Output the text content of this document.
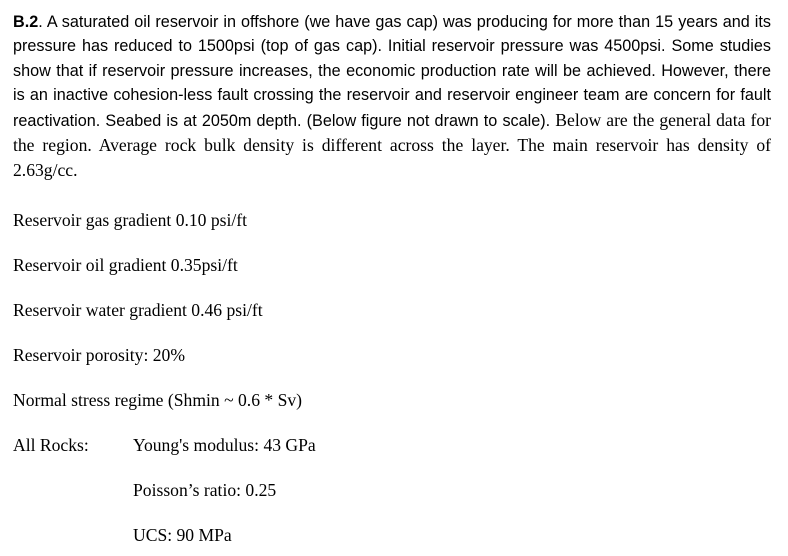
B.2. A saturated oil reservoir in offshore (we have gas cap) was producing for more than 15 years and its pressure has reduced to 1500psi (top of gas cap). Initial reservoir pressure was 4500psi. Some studies show that if reservoir pressure increases, the economic production rate will be achieved. However, there is an inactive cohesion-less fault crossing the reservoir and reservoir engineer team are concern for fault reactivation. Seabed is at 2050m depth. (Below figure not drawn to scale). Below are the general data for the region. Average rock bulk density is different across the layer. The main reservoir has density of 2.63g/cc.

Reservoir gas gradient 0.10 psi/ft

Reservoir oil gradient 0.35psi/ft

Reservoir water gradient 0.46 psi/ft

Reservoir porosity: 20%

Normal stress regime (Shmin ~ 0.6 * Sv)

All Rocks:	Young's modulus: 43 GPa
Poisson’s ratio: 0.25
UCS: 90 MPa
